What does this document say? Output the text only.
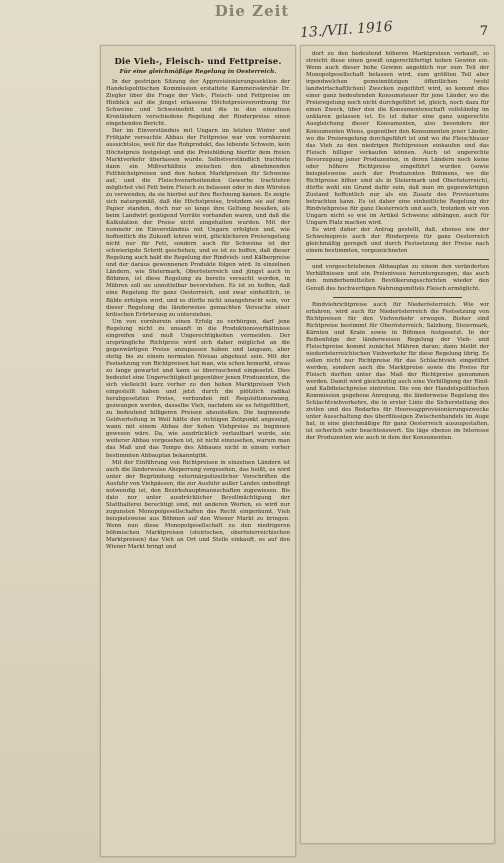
Die Zeit
13./VII. 1916	7
Die Vieh-, Fleisch- und Fettpreise.
Für eine gleichmäßige Regelung in Oesterreich.

In der gestrigen Sitzung der Approvisionierungssektion der Handelspolitischen Kommission erstattete Kammersekretär Dr. Ziegler über die Frage der Vieh-, Fleisch- und Fettpreise im Hinblick auf die jüngst erlassene Höchstpreisverordnung für Schweine und Schweinefett und die in den einzelnen Kronländern verschiedene Regelung der Rinderpreise einen eingehenden Bericht.

Der im Einverständnis mit Ungarn im letzten Winter und Frühjahr versuchte Abbau der Fettpreise war von vornherein aussichtslos, weil für das Rohprodukt, das lebende Schwein, kein Höchstpreis festgelegt und die Preisbildung hierfür dem freien Marktverkehr überlassen wurde. Selbstverständlich trachtete dann ein Mißverhältnis zwischen den abnehmenden Fetthöchstpreisen und den hohen Marktpreisen für Schweine auf, und die Fleischverarbeitenden Gewerbe trachteten möglichst viel Fett beim Fleisch zu belassen oder in den Würsten zu verwenden, da sie hierbei auf ihre Rechnung kamen. Es zeigte sich naturgemäß, daß die Höchstpreise, trotzdem sie auf dem Papier standen, doch nur so lange ihre Geltung besaßen, als beim Landwirt genügend Vorräte vorhanden waren, und daß die Kalkulation der Preise nicht eingehalten wurden. Mit der nunmehr im Einverständnis mit Ungarn erfolgten und, wie hoffentlich die Zukunft lehren wird, glücklicheren Preisregelung nicht nur für Fett, sondern auch für Schweine ist der schwierigste Schritt geschehen, und es ist zu hoffen, daß dieser Regelung auch bald die Regelung der Rindvieh- und Kälberpreise und der daraus gewonnenen Produkte folgen wird. In einzelnen Ländern, wie Steiermark, Oberösterreich und jüngst auch in Böhmen, ist diese Regelung zu bereits versucht worden, in Mähren soll sie unmittelbar bevorstehen. Es ist zu hoffen, daß eine Regelung für ganz Oesterreich, und zwar einheitlich, in Bälde erfolgen wird, und es dürfte nicht unangebracht sein, vor dieser Regelung die länderweise gemachten Versuche einer kritischen Erörterung zu unterziehen.

Um von vornherein einen Erfolg zu verbürgen, darf jene Regelung nicht zu unsanft in die Produktionsverhältnisse eingreifen und muß Ungerechtigkeiten vermeiden. Der ursprüngliche Richtpreis wird sich daher möglichst an die gegenwärtigen Preise anzupassen haben und langsam, aber stetig bis zu einem normalen Niveau abgebaut sein. Mit der Festsetzung von Richtpreisen hat man, wie schon bemerkt, etwas zu lange gewartet und kann so überraschend eingesetzt. Dies bedeutet eine Ungerechtigkeit gegenüber jenen Produzenten, die sich vielleicht kurz vorher zu den hohen Marktpreisen Vieh eingestellt haben und jetzt durch die plötzlich radikal herabgesetzten Preise, verbunden mit Requisitionszwang, gezwungen werden, dasselbe Vieh, nachdem sie es fettgefüttert, zu bedeutend billigeren Preisen abzustoßen. Die beginnende Geldverteilung in Weil hätte den richtigen Zeitpunkt angezeigt, wann mit einem Abbau der hohen Viehpreise zu beginnen gewesen wäre. Da, wie ausdrücklich verlautbart wurde, ein weiterer Abbau vorgesehen ist, ist nicht einzusehen, warum man das Maß und das Tempo des Abbaues nicht in einem vorher bestimmten Abbauplan bekanntgibt.

Mit der Einführung von Richtpreisen in einzelnen Ländern ist auch die länderweise Absperrung vorgesehen, das heißt, es wird unter der Begründung veterinärpolizeilicher Vorschriften die Ausfuhr von Viehpässen, die zur Ausfuhr außer Landes unbedingt notwendig ist, den Bezirkshauptmannschaften zugewiesen. Bis dato nur unter ausdrücklicher Bevollmächtigung der Statthalterei berechtigt sind, mit anderen Worten, es wird nur zugunsten Monopolgesellschaften das Recht eingeräumt, Vieh beispielsweise aus Böhmen auf den Wiener Markt zu bringen. Wenn nun diese Monopolgesellschaft zu den niedrigeren böhmischen Marktpreisen (steirischen, oberösterreichischen Marktpreisen) das Vieh an Ort und Stelle einkauft, es auf den Wiener Markt bringt und

dort zu den bedeutend höheren Marktpreisen verkauft, so streicht diese einen gewiß ungerechtfertigt hohen Gewinn ein. Wenn auch dieser hohe Gewinn angeblich nur zum Teil der Monopolgesellschaft belassen wird, zum größten Teil aber irgendwelchen gemeinnützigen öffentlichen (wohl landwirtschaftlichen) Zwecken zugeführt wird, so kommt dies einer ganz bedeutenden Konsumsteuer für jene Länder, wo die Preisregelung noch nicht durchgeführt ist, gleich, noch dazu für einen Zweck, über den die Konsumentenschaft vollständig im unklaren gelassen ist. Es ist daher eine ganz ungerechte Ausgleichung dieser Konsumenten, also besonders der Konsumenten Wiens, gegenüber den Konsumenten jener Länder, wo die Preisregelung durchgeführt ist und wo die Fleischbauer das Vieh zu den niedrigen Richtpreisen einkaufen und das Fleisch billiger verkaufen können. Auch ist ungerechte Bevorzugung jener Produzenten, in deren Ländern noch keine oder höhere Richtpreise eingeführt wurden (sowie beispielsweise auch der Produzenten Böhmens, wo die Richtpreise höher sind als in Steiermark und Oberösterreich), dürfte wohl ein Grund dafür sein, daß man im gegenwärtigen Zustand hoffentlich nur als ein Zusatz des Provisoriums betrachten kann. Es ist daher eine einheitliche Regelung der Rindviehpreise für ganz Oesterreich und auch, trotzdem wir von Ungarn nicht so wie im Artikel Schweine abhängen, auch für Ungarn Platz machen wird.

Es wird daher der Antrag gestellt, daß, ebenso wie der Schweinepreis auch der Rinderpreis für ganz Oesterreich gleichmäßig geregelt und durch Festsetzung der Preise nach einem bestimmten, vorgezeichneten

und vorgeschriebenen Abbauplan zu einem den veränderten Verhältnissen und ein Preisniveau heruntergezogen, das auch den minderbemittelten Bevölkerungsschichten wieder den Genuß des hochwertigen Nahrungsmittels Fleisch ermöglicht.

Rindviehrichtpreise auch für Niederösterreich. Wie wir erfahren, wird auch für Niederösterreich die Festsetzung von Richtpreisen für den Viehverkehr erwogen. Bisher sind Richtpreise bestimmt für Oberösterreich, Salzburg, Steiermark, Kärnten und Krain sowie in Böhmen festgesetzt. In der Reihenfolge der länderweisen Regelung der Vieh- und Fleischpreise kommt zunächst Mähren daran; dann bleibt der niederösterreichischen Viehverkehr für diese Regelung übrig. Es sollen nicht nur Richtpreise für das Schlachtvieh eingeführt werden, sondern auch die Marktpreise sowie die Preise für Fleisch durften unter das Maß der Richtpreise genommen werden. Damit wird gleichzeitig auch eine Verbilligung der Rind- und Kalbfleischpreise eintreten. Die von der Handelspolitischen Kommission gegebene Anregung, die länderweise Regelung des Schlachtviehverkehrs, die in erster Linie die Sicherstellung des zivilen und des Bedarfes für Heeresapprovisionierungszwecke unter Ausschaltung des überflüssigen Zwischenhandels im Auge hat, in eine gleichmäßige für ganz Oesterreich auszugestalten, ist sicherlich sehr beachtenswert. Sie läge ebenso im Interesse der Produzenten wie auch in dem der Konsumenten.
